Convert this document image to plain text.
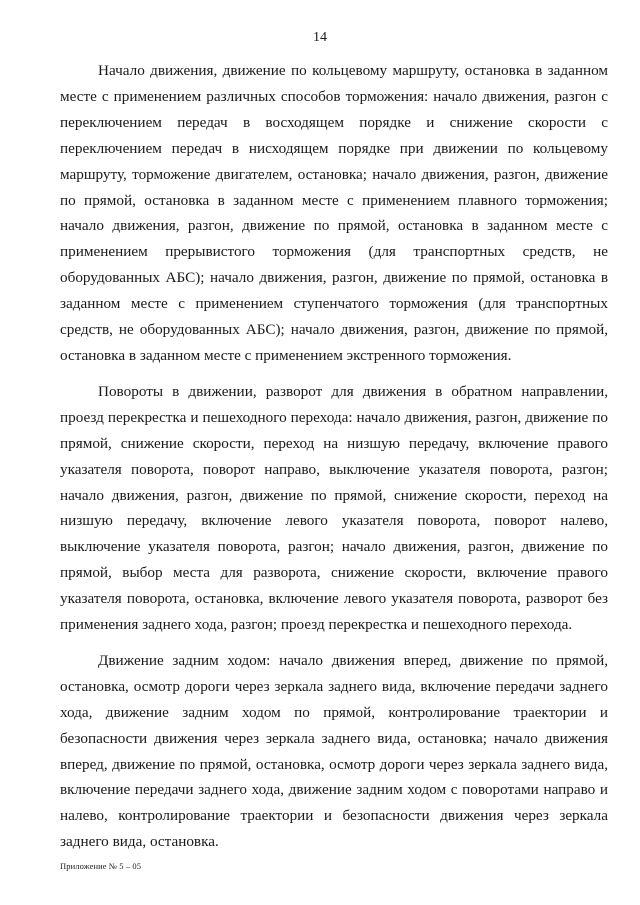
14

Начало движения, движение по кольцевому маршруту, остановка в заданном месте с применением различных способов торможения: начало движения, разгон с переключением передач в восходящем порядке и снижение скорости с переключением передач в нисходящем порядке при движении по кольцевому маршруту, торможение двигателем, остановка; начало движения, разгон, движение по прямой, остановка в заданном месте с применением плавного торможения; начало движения, разгон, движение по прямой, остановка в заданном месте с применением прерывистого торможения (для транспортных средств, не оборудованных АБС); начало движения, разгон, движение по прямой, остановка в заданном месте с применением ступенчатого торможения (для транспортных средств, не оборудованных АБС); начало движения, разгон, движение по прямой, остановка в заданном месте с применением экстренного торможения.

Повороты в движении, разворот для движения в обратном направлении, проезд перекрестка и пешеходного перехода: начало движения, разгон, движение по прямой, снижение скорости, переход на низшую передачу, включение правого указателя поворота, поворот направо, выключение указателя поворота, разгон; начало движения, разгон, движение по прямой, снижение скорости, переход на низшую передачу, включение левого указателя поворота, поворот налево, выключение указателя поворота, разгон; начало движения, разгон, движение по прямой, выбор места для разворота, снижение скорости, включение правого указателя поворота, остановка, включение левого указателя поворота, разворот без применения заднего хода, разгон; проезд перекрестка и пешеходного перехода.

Движение задним ходом: начало движения вперед, движение по прямой, остановка, осмотр дороги через зеркала заднего вида, включение передачи заднего хода, движение задним ходом по прямой, контролирование траектории и безопасности движения через зеркала заднего вида, остановка; начало движения вперед, движение по прямой, остановка, осмотр дороги через зеркала заднего вида, включение передачи заднего хода, движение задним ходом с поворотами направо и налево, контролирование траектории и безопасности движения через зеркала заднего вида, остановка.

Приложение № 5 – 05
